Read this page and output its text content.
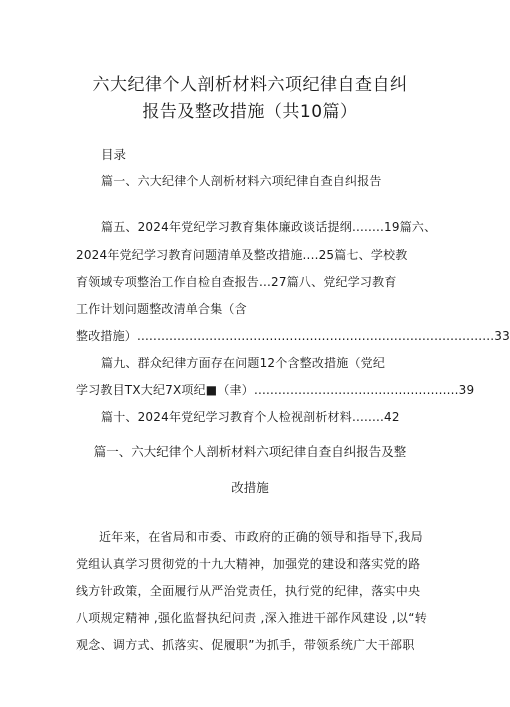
六大纪律个人剖析材料六项纪律自查自纠
报告及整改措施（共10篇）
目录
篇一、六大纪律个人剖析材料六项纪律自查自纠报告
篇五、2024年党纪学习教育集体廉政谈话提纲........19篇六、
2024年党纪学习教育问题清单及整改措施....25篇七、学校教
育领域专项整治工作自检自查报告...27篇八、党纪学习教育
工作计划问题整改清单合集（含
整改措施）.........................................................................................33
篇九、群众纪律方面存在问题12个含整改措施（党纪
学习教目TX大纪7X项纪■（聿）...................................................39
篇十、2024年党纪学习教育个人检视剖析材料........42
篇一、六大纪律个人剖析材料六项纪律自查自纠报告及整
改措施
近年来，在省局和市委、市政府的正确的领导和指导下,我局
党组认真学习贯彻党的十九大精神，加强党的建设和落实党的路
线方针政策，全面履行从严治党责任，执行党的纪律，落实中央
八项规定精神 ,强化监督执纪问责 ,深入推进干部作风建设 ,以“转
观念、调方式、抓落实、促履职”为抓手，带领系统广大干部职
